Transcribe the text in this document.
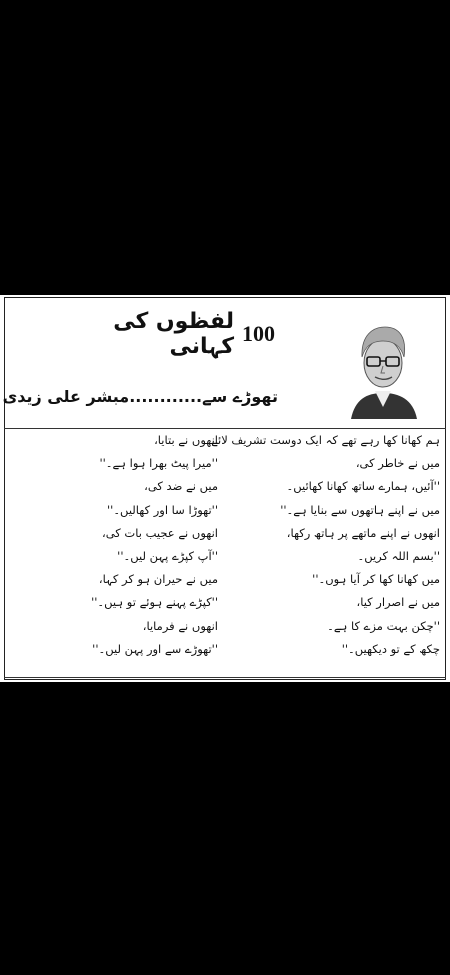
100
لفظوں کی کہانی
تھوڑے سے............مبشر علی زیدی
ہم کھانا کھا رہے تھے کہ ایک دوست تشریف لائے۔
میں نے خاطر کی،
''آئیں، ہمارے ساتھ کھانا کھائیں۔
میں نے اپنے ہاتھوں سے بنایا ہے۔''
انھوں نے اپنے ماتھے پر ہاتھ رکھا،
''بسم اللہ کریں۔
میں کھانا کھا کر آیا ہوں۔''
میں نے اصرار کیا،
''چکن بہت مزے کا ہے۔
چکھ کے تو دیکھیں۔''
انھوں نے بتایا،
''میرا پیٹ بھرا ہوا ہے۔''
میں نے ضد کی،
''تھوڑا سا اور کھالیں۔''
انھوں نے عجیب بات کی،
''آپ کپڑے پہن لیں۔''
میں نے حیران ہو کر کہا،
''کپڑے پہنے ہوئے تو ہیں۔''
انھوں نے فرمایا،
''تھوڑے سے اور پہن لیں۔''
